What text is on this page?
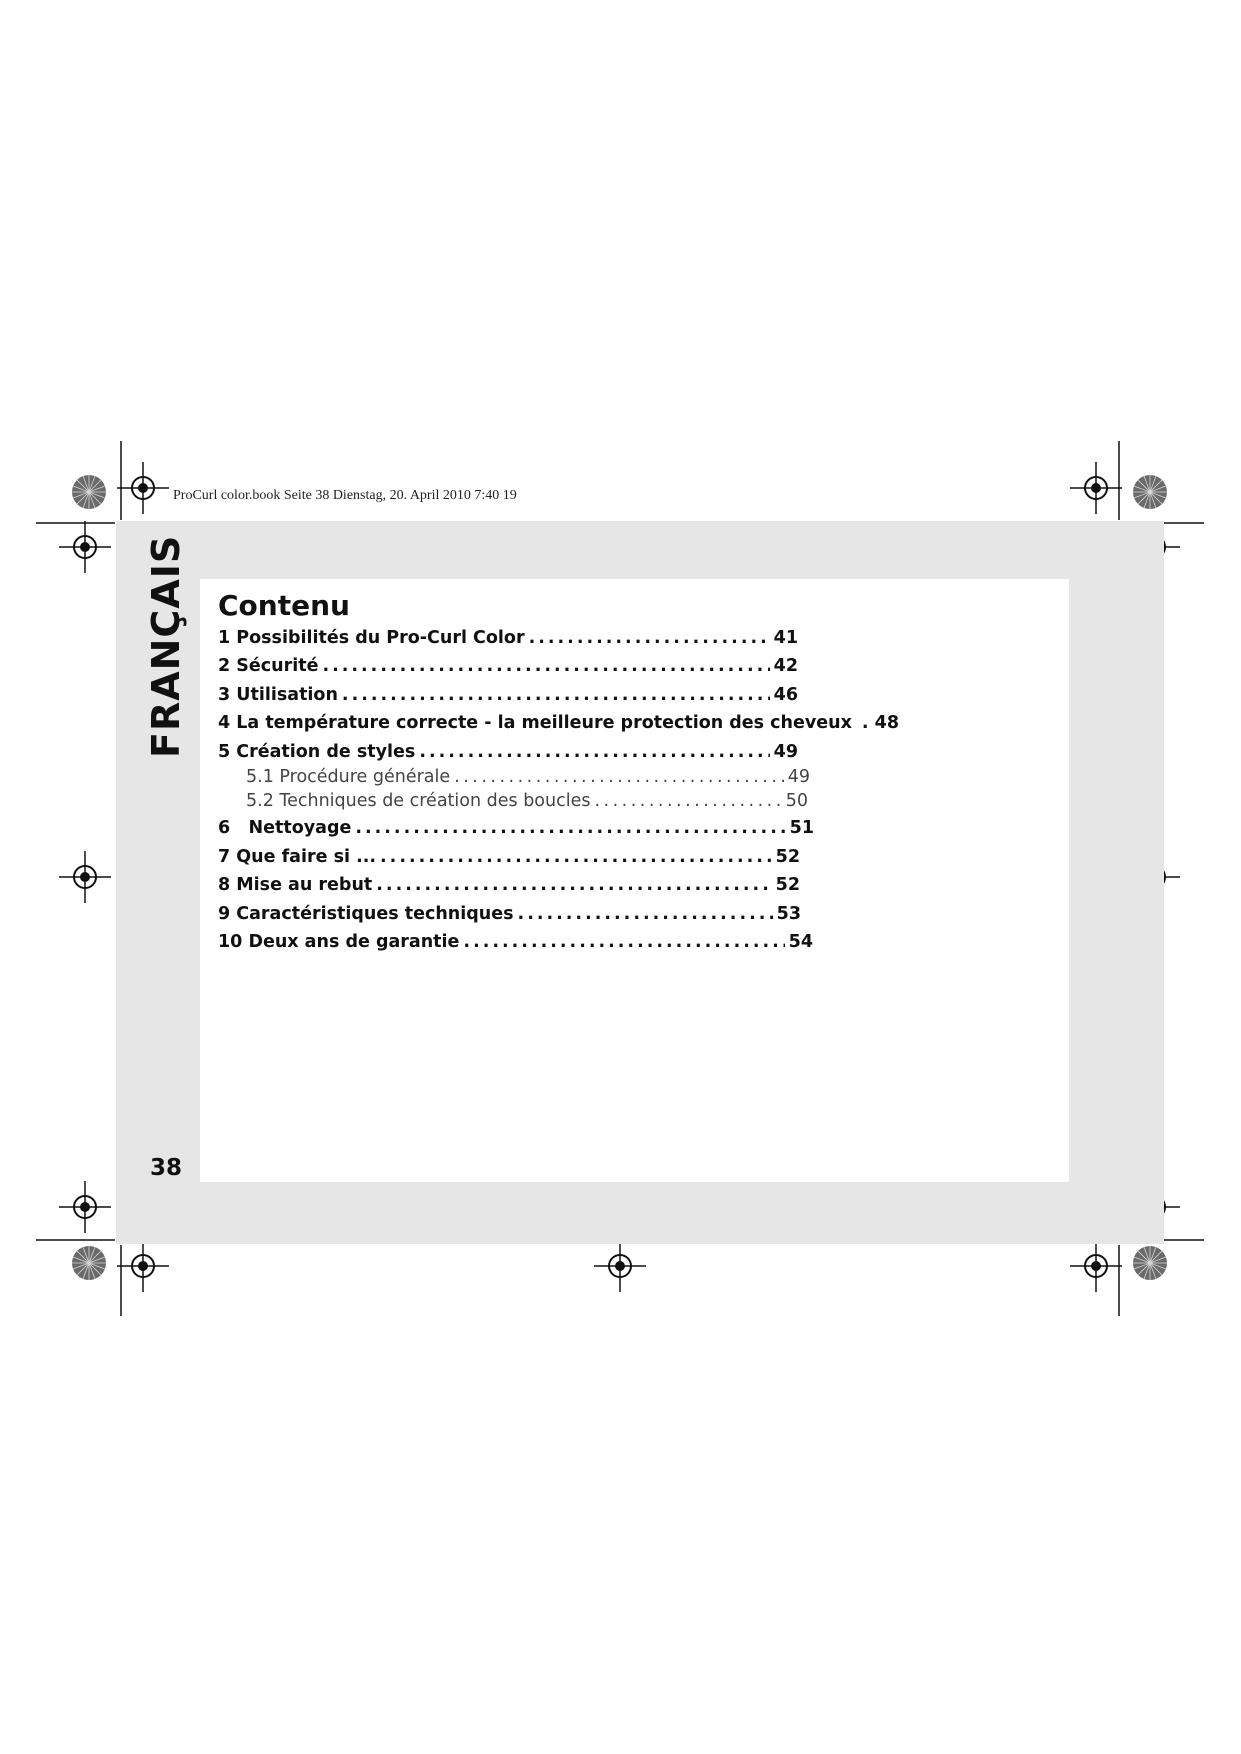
ProCurl color.book Seite 38 Dienstag, 20. April 2010 7:40 19
FRANÇAIS
38
Contenu
1 Possibilités du Pro-Curl Color .....	41
2 Sécurité .....	42
3 Utilisation .....	46
4 La température correcte - la meilleure protection des cheveux . 48
5 Création de styles .....	49
5.1 Procédure générale .....	49
5.2 Techniques de création des boucles .....	50
6   Nettoyage .....	51
7 Que faire si ... .....	52
8 Mise au rebut .....	52
9 Caractéristiques techniques .....	53
10 Deux ans de garantie .....	54
